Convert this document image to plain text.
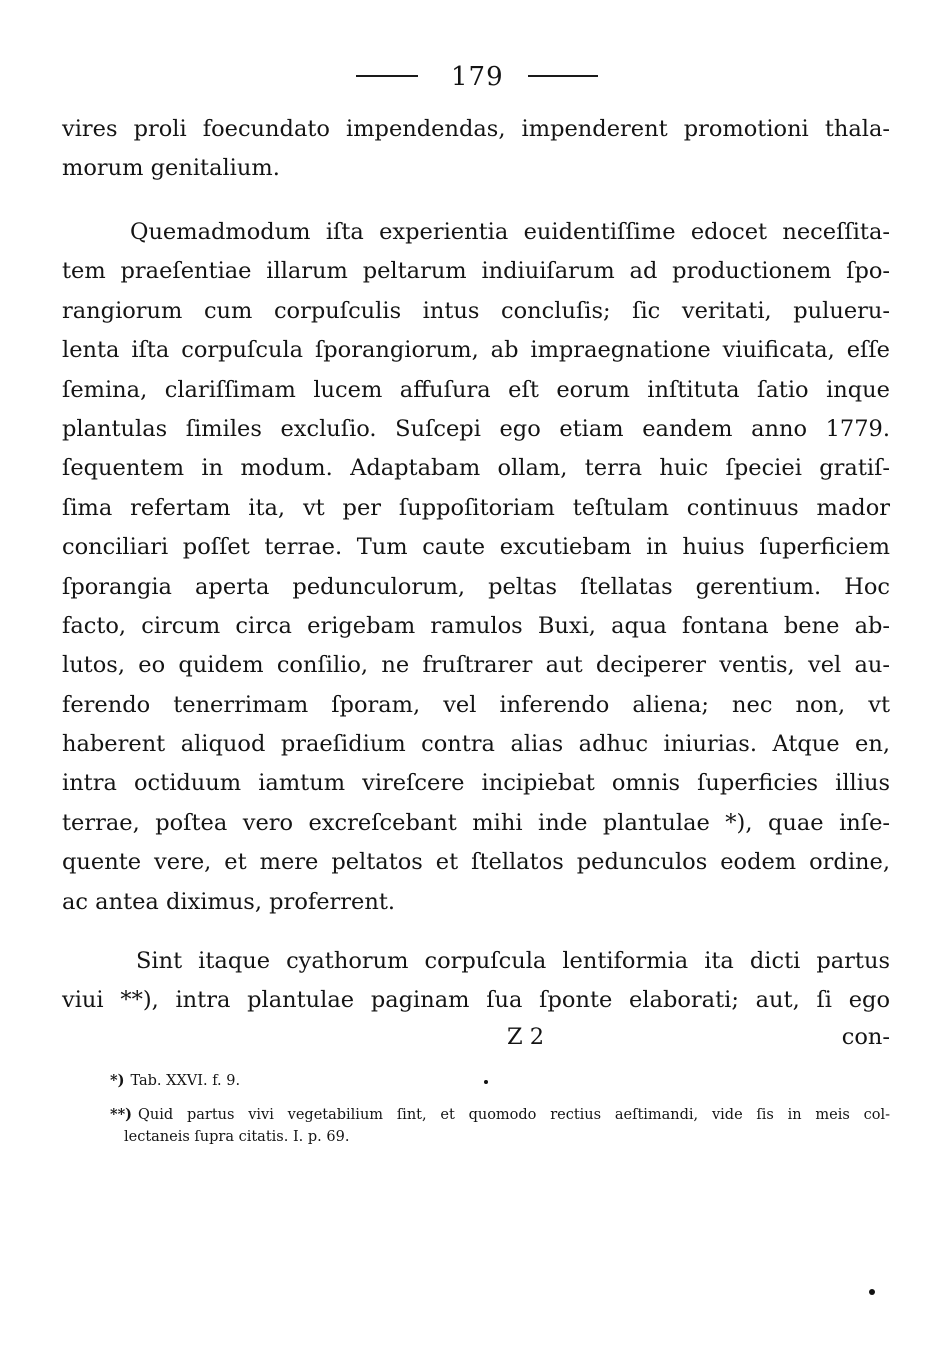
179
vires proli foecundato impendendas, impenderent promotioni thala-
morum genitalium.
Quemadmodum iſta experientia euidentiſſime edocet neceſſita-
tem praeſentiae illarum peltarum indiuiſarum ad productionem ſpo-
rangiorum cum corpuſculis intus concluſis; ſic veritati, pulueru-
lenta iſta corpuſcula ſporangiorum, ab impraegnatione viuificata, eſſe
ſemina, clariſſimam lucem affuſura eſt eorum inſtituta ſatio inque
plantulas ſimiles excluſio. Suſcepi ego etiam eandem anno 1779.
ſequentem in modum. Adaptabam ollam, terra huic ſpeciei gratiſ-
ſima refertam ita, vt per ſuppoſitoriam teſtulam continuus mador
conciliari poſſet terrae. Tum caute excutiebam in huius ſuperficiem
ſporangia aperta pedunculorum, peltas ſtellatas gerentium. Hoc
facto, circum circa erigebam ramulos Buxi, aqua fontana bene ab-
lutos, eo quidem conſilio, ne fruſtrarer aut deciperer ventis, vel au-
ferendo tenerrimam ſporam, vel inferendo aliena; nec non, vt
haberent aliquod praeſidium contra alias adhuc iniurias. Atque en,
intra octiduum iamtum vireſcere incipiebat omnis ſuperficies illius
terrae, poſtea vero excreſcebant mihi inde plantulae *), quae inſe-
quente vere, et mere peltatos et ſtellatos pedunculos eodem ordine,
ac antea diximus, proferrent.
Sint itaque cyathorum corpuſcula lentiformia ita dicti partus
viui **), intra plantulae paginam ſua ſponte elaborati; aut, ſi ego
Z 2	con-
*) Tab. XXVI. f. 9.
**) Quid partus vivi vegetabilium ſint, et quomodo rectius aeſtimandi, vide ſis in meis col-
lectaneis ſupra citatis. I. p. 69.
